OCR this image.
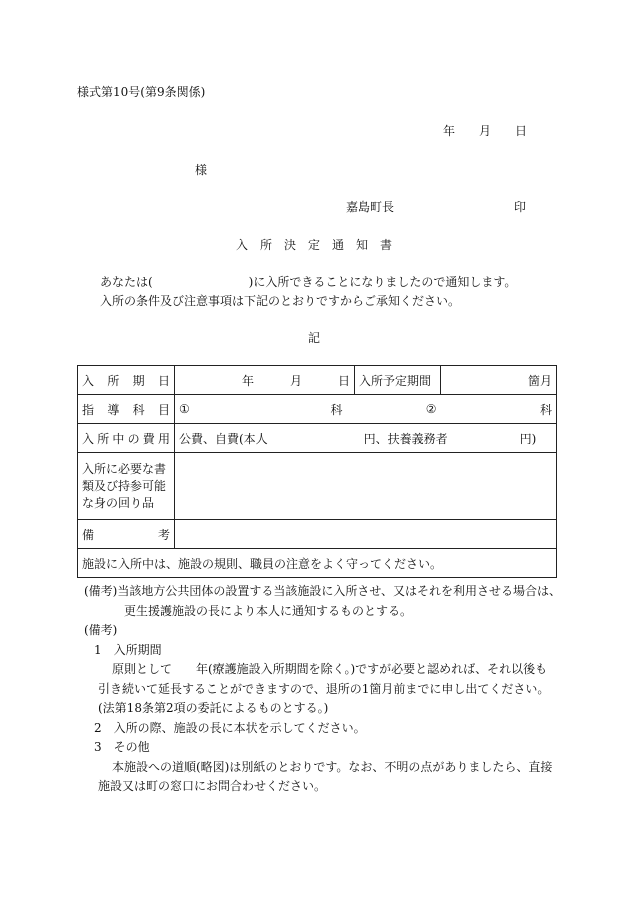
様式第10号(第9条関係)
年　　月　　日
様
嘉島町長	印
入　所　決　定　通　知　書
あなたは(　　　　　　　　)に入所できることになりましたので通知します。
入所の条件及び注意事項は下記のとおりですからご承知ください。
記
入　所　期　日	年　　　月　　　日			入所予定期間	箇月
指　導　科　目	①	科	②		科
入所中の費用	公費、自費(本人　　　　　　　　円、扶養義務者　　　　　　円)				
入所に必要な書類及び持参可能な身の回り品					
備　　　　　考					
施設に入所中は、施設の規則、職員の注意をよく守ってください。					
(備考)当該地方公共団体の設置する当該施設に入所させ、又はそれを利用させる場合は、
更生援護施設の長により本人に通知するものとする。
(備考)
1　入所期間
原則として　　年(療護施設入所期間を除く。)ですが必要と認めれば、それ以後も
引き続いて延長することができますので、退所の1箇月前までに申し出てください。
(法第18条第2項の委託によるものとする。)
2　入所の際、施設の長に本状を示してください。
3　その他
本施設への道順(略図)は別紙のとおりです。なお、不明の点がありましたら、直接
施設又は町の窓口にお問合わせください。
